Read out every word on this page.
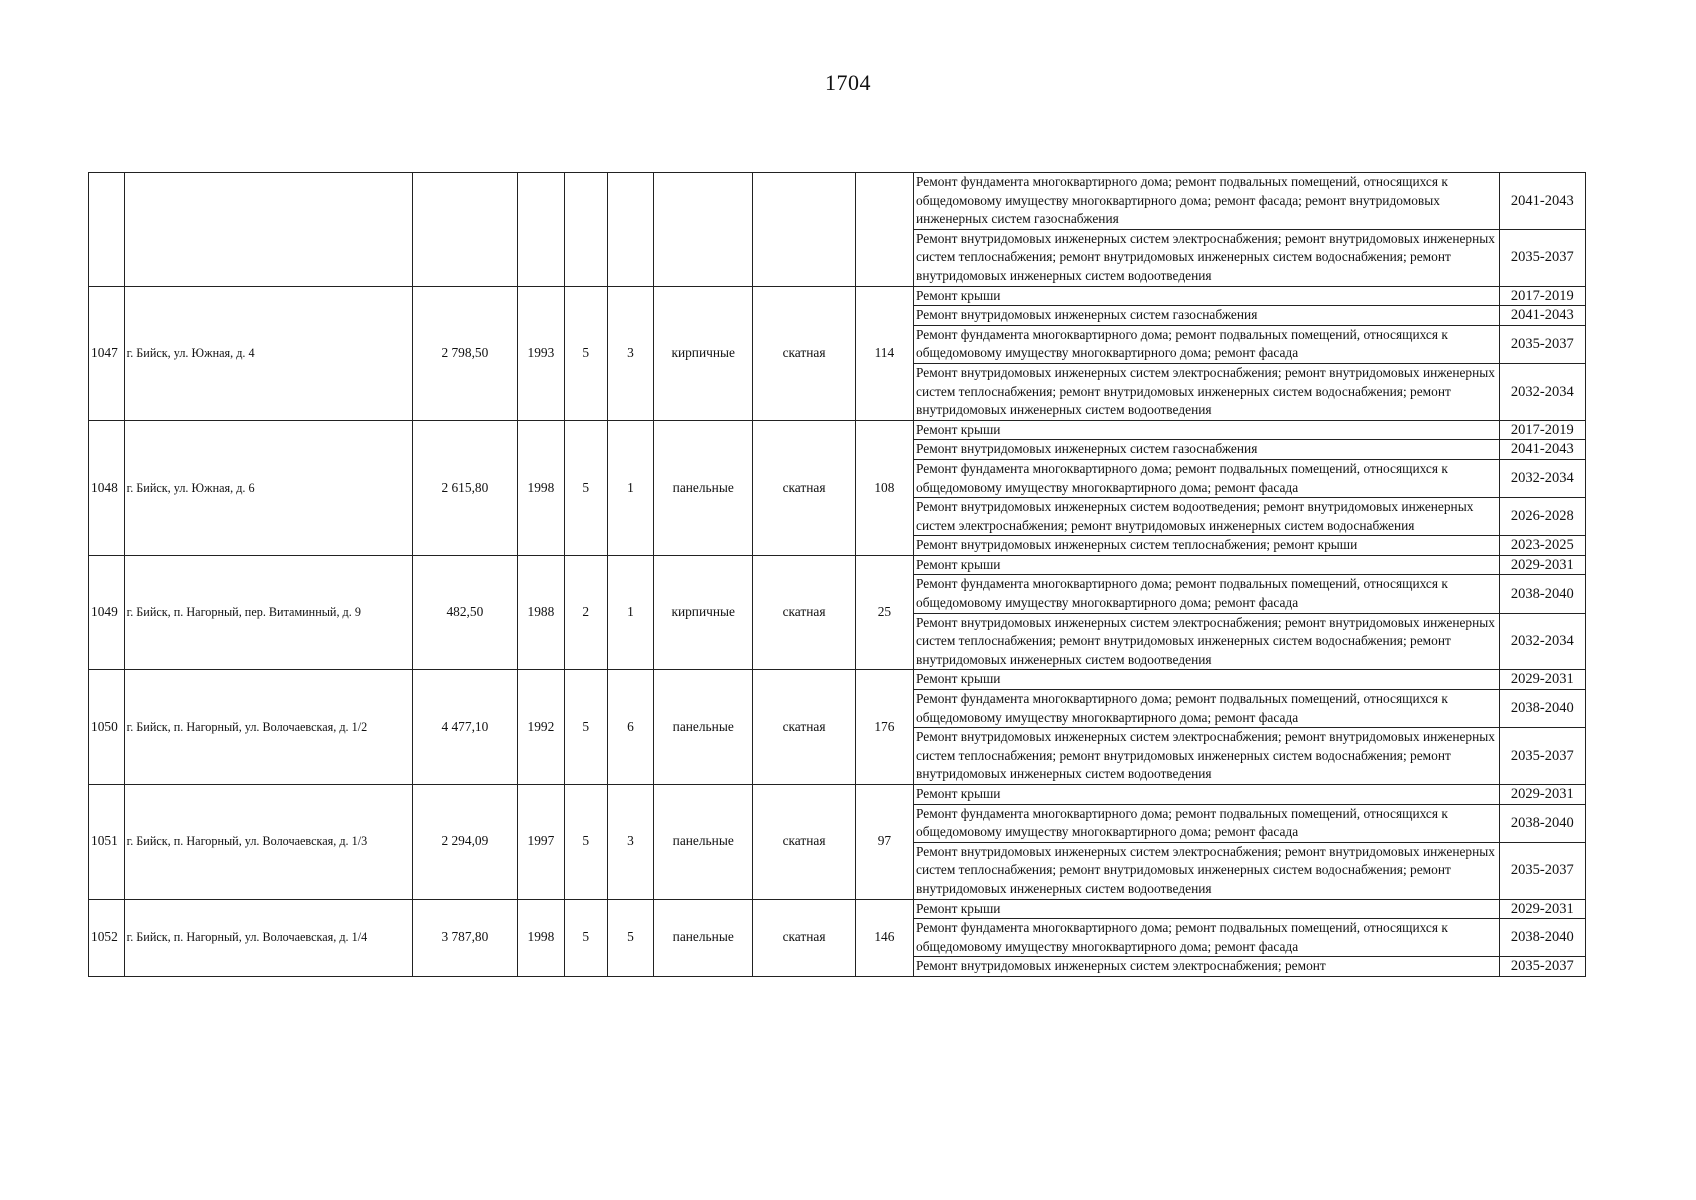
1704
									Ремонт фундамента многоквартирного дома; ремонт подвальных помещений, относящихся к общедомовому имуществу многоквартирного дома; ремонт фасада; ремонт внутридомовых инженерных систем газоснабжения	2041-2043
									Ремонт внутридомовых инженерных систем электроснабжения; ремонт внутридомовых инженерных систем теплоснабжения; ремонт внутридомовых инженерных систем водоснабжения; ремонт внутридомовых инженерных систем водоотведения	2035-2037
1047	г. Бийск, ул. Южная, д. 4	2 798,50	1993	5	3	кирпичные	скатная	114	Ремонт крыши	2017-2019
									Ремонт внутридомовых инженерных систем газоснабжения	2041-2043
									Ремонт фундамента многоквартирного дома; ремонт подвальных помещений, относящихся к общедомовому имуществу многоквартирного дома; ремонт фасада	2035-2037
									Ремонт внутридомовых инженерных систем электроснабжения; ремонт внутридомовых инженерных систем теплоснабжения; ремонт внутридомовых инженерных систем водоснабжения; ремонт внутридомовых инженерных систем водоотведения	2032-2034
1048	г. Бийск, ул. Южная, д. 6	2 615,80	1998	5	1	панельные	скатная	108	Ремонт крыши	2017-2019
									Ремонт внутридомовых инженерных систем газоснабжения	2041-2043
									Ремонт фундамента многоквартирного дома; ремонт подвальных помещений, относящихся к общедомовому имуществу многоквартирного дома; ремонт фасада	2032-2034
									Ремонт внутридомовых инженерных систем водоотведения; ремонт внутридомовых инженерных систем электроснабжения; ремонт внутридомовых инженерных систем водоснабжения	2026-2028
									Ремонт внутридомовых инженерных систем теплоснабжения; ремонт крыши	2023-2025
1049	г. Бийск, п. Нагорный, пер. Витаминный, д. 9	482,50	1988	2	1	кирпичные	скатная	25	Ремонт крыши	2029-2031
									Ремонт фундамента многоквартирного дома; ремонт подвальных помещений, относящихся к общедомовому имуществу многоквартирного дома; ремонт фасада	2038-2040
									Ремонт внутридомовых инженерных систем электроснабжения; ремонт внутридомовых инженерных систем теплоснабжения; ремонт внутридомовых инженерных систем водоснабжения; ремонт внутридомовых инженерных систем водоотведения	2032-2034
1050	г. Бийск, п. Нагорный, ул. Волочаевская, д. 1/2	4 477,10	1992	5	6	панельные	скатная	176	Ремонт крыши	2029-2031
									Ремонт фундамента многоквартирного дома; ремонт подвальных помещений, относящихся к общедомовому имуществу многоквартирного дома; ремонт фасада	2038-2040
									Ремонт внутридомовых инженерных систем электроснабжения; ремонт внутридомовых инженерных систем теплоснабжения; ремонт внутридомовых инженерных систем водоснабжения; ремонт внутридомовых инженерных систем водоотведения	2035-2037
1051	г. Бийск, п. Нагорный, ул. Волочаевская, д. 1/3	2 294,09	1997	5	3	панельные	скатная	97	Ремонт крыши	2029-2031
									Ремонт фундамента многоквартирного дома; ремонт подвальных помещений, относящихся к общедомовому имуществу многоквартирного дома; ремонт фасада	2038-2040
									Ремонт внутридомовых инженерных систем электроснабжения; ремонт внутридомовых инженерных систем теплоснабжения; ремонт внутридомовых инженерных систем водоснабжения; ремонт внутридомовых инженерных систем водоотведения	2035-2037
1052	г. Бийск, п. Нагорный, ул. Волочаевская, д. 1/4	3 787,80	1998	5	5	панельные	скатная	146	Ремонт крыши	2029-2031
									Ремонт фундамента многоквартирного дома; ремонт подвальных помещений, относящихся к общедомовому имуществу многоквартирного дома; ремонт фасада	2038-2040
									Ремонт внутридомовых инженерных систем электроснабжения; ремонт	2035-2037
